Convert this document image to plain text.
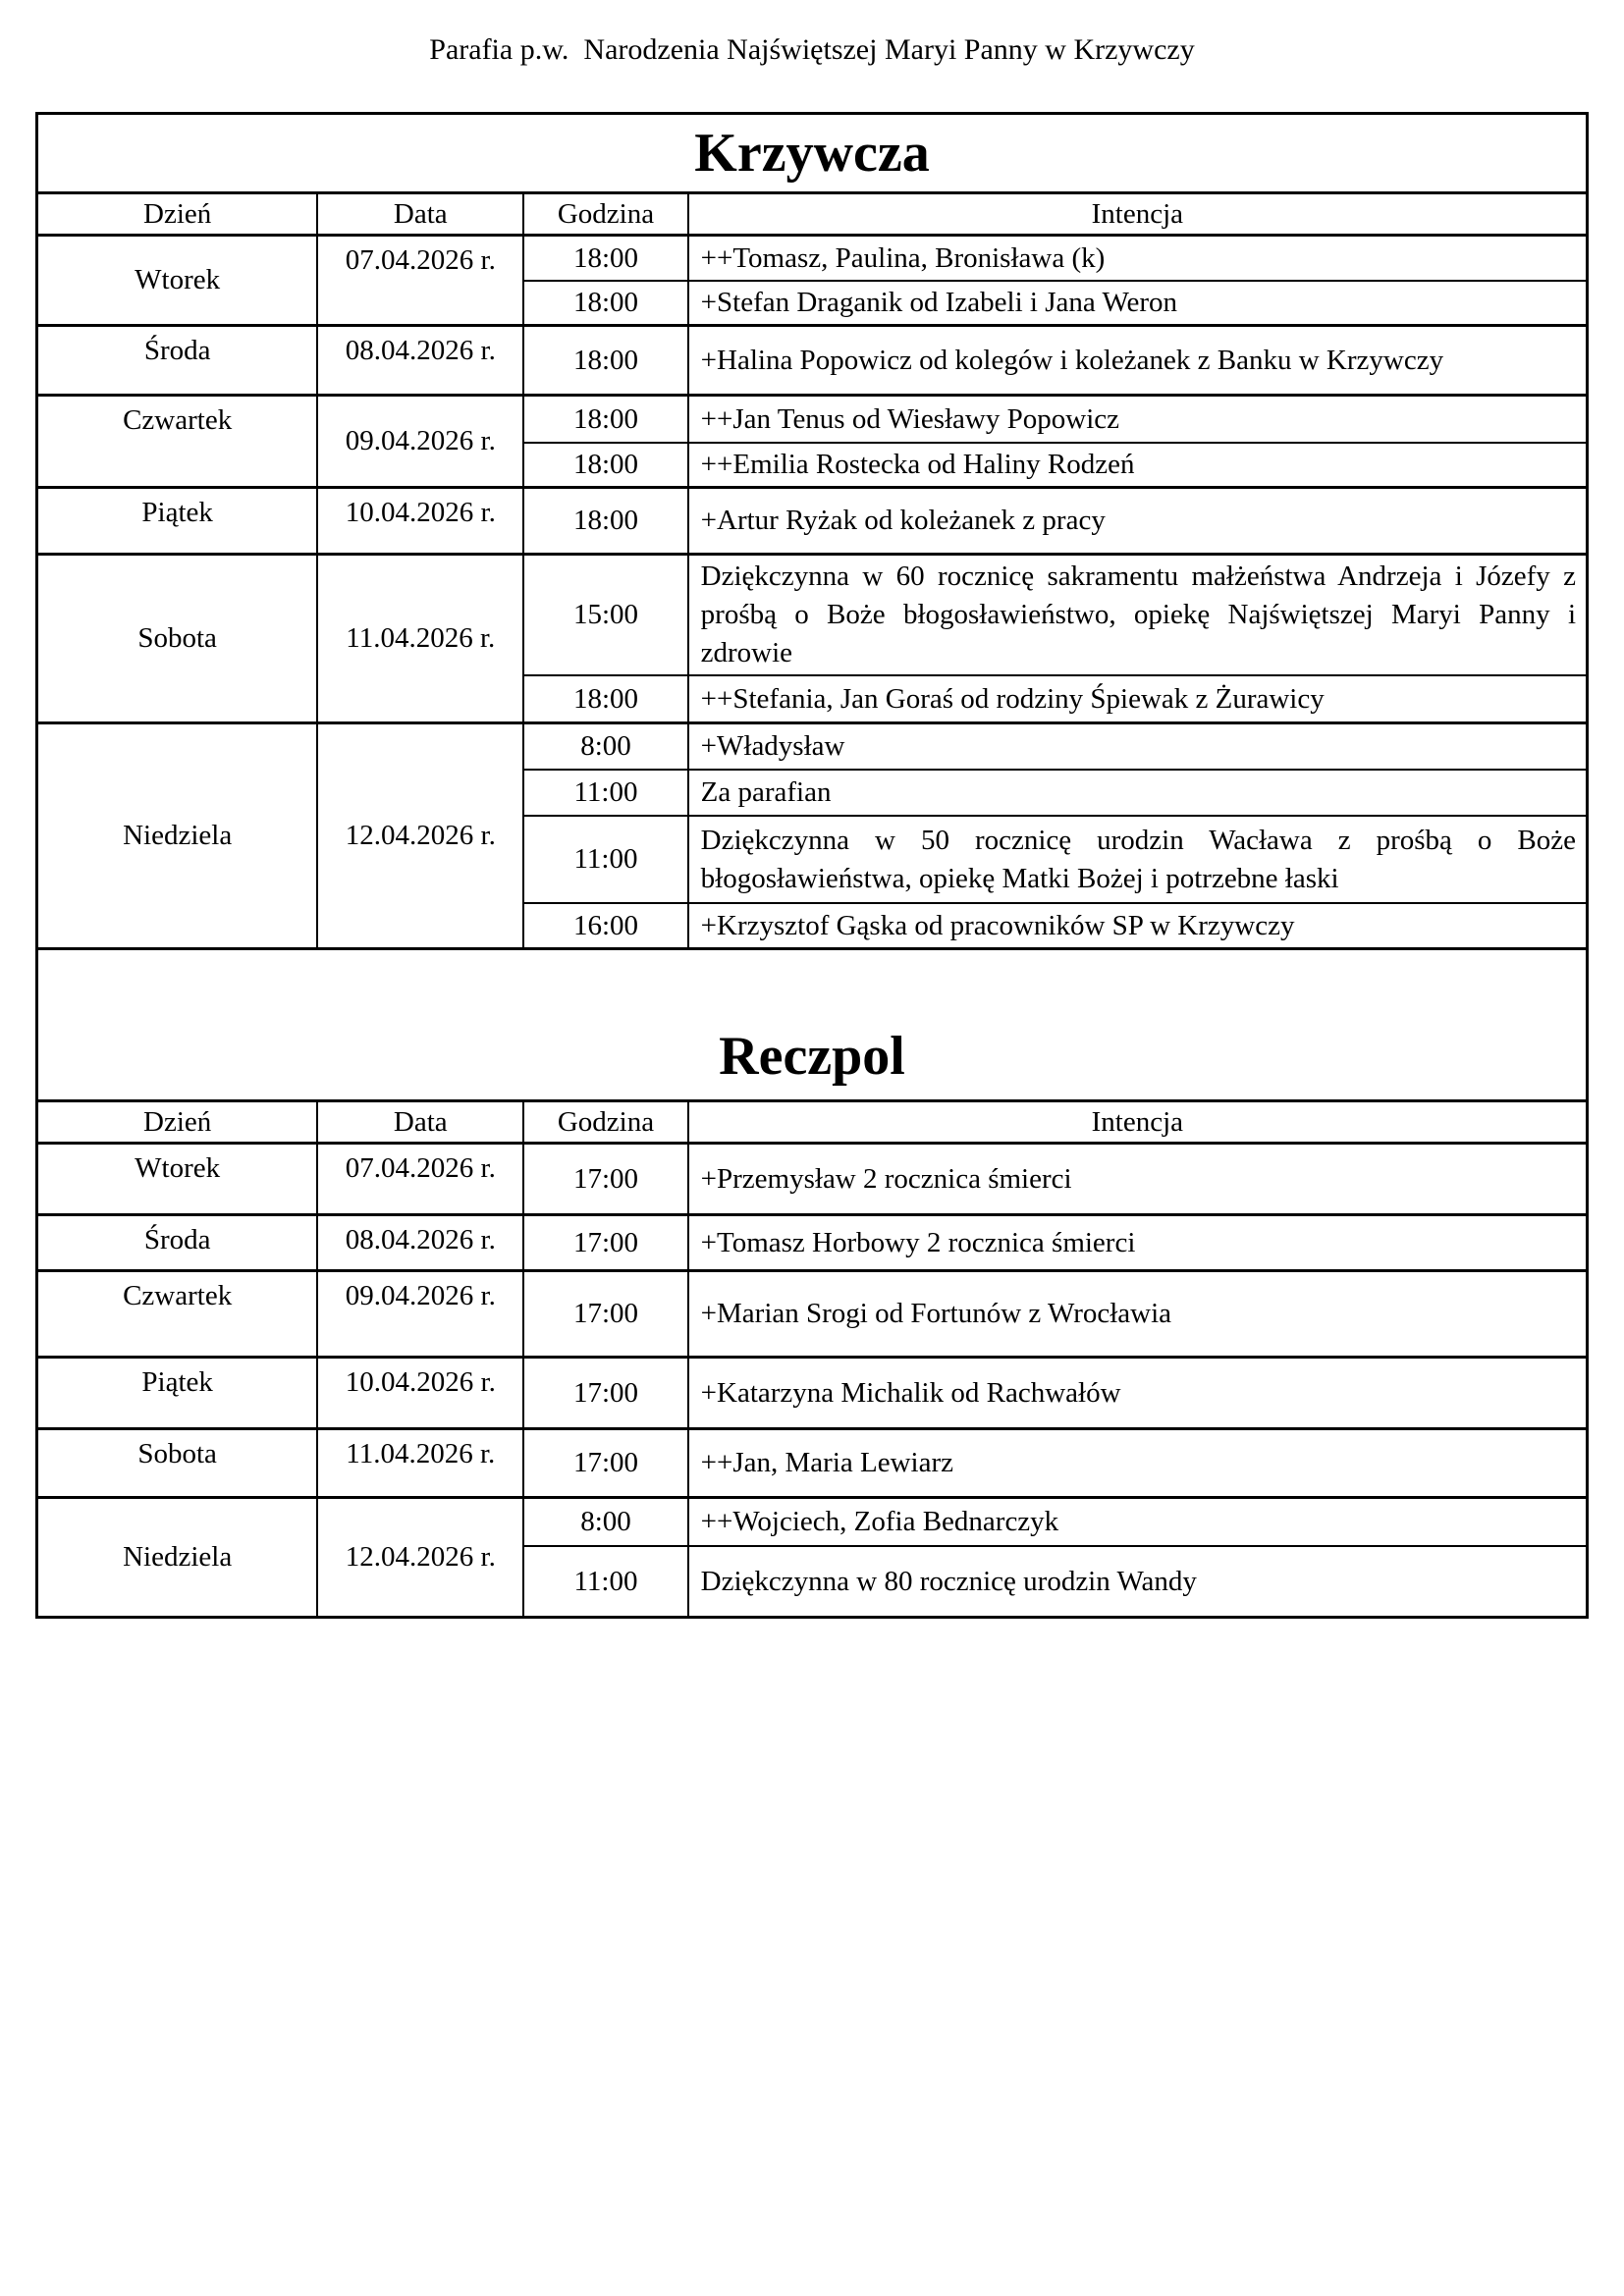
Parafia p.w.  Narodzenia Najświętszej Maryi Panny w Krzywczy
Krzywcza			
Dzień	Data	Godzina	Intencja
Wtorek	07.04.2026 r.	18:00	++Tomasz, Paulina, Bronisława (k)
		18:00	+Stefan Draganik od Izabeli i Jana Weron
Środa	08.04.2026 r.	18:00	+Halina Popowicz od kolegów i koleżanek z Banku w Krzywczy
Czwartek	09.04.2026 r.	18:00	++Jan Tenus od Wiesławy Popowicz
		18:00	++Emilia Rostecka od Haliny Rodzeń
Piątek	10.04.2026 r.	18:00	+Artur Ryżak od koleżanek z pracy
Sobota	11.04.2026 r.	15:00	Dziękczynna w 60 rocznicę sakramentu małżeństwa Andrzeja i Józefy z prośbą o Boże błogosławieństwo, opiekę Najświętszej Maryi Panny i zdrowie
		18:00	++Stefania, Jan Goraś od rodziny Śpiewak z Żurawicy
Niedziela	12.04.2026 r.	8:00	+Władysław
		11:00	Za parafian
		11:00	Dziękczynna w 50 rocznicę urodzin Wacława z prośbą o Boże błogosławieństwa, opiekę Matki Bożej i potrzebne łaski
		16:00	+Krzysztof Gąska od pracowników SP w Krzywczy
Reczpol			
Dzień	Data	Godzina	Intencja
Wtorek	07.04.2026 r.	17:00	+Przemysław 2 rocznica śmierci
Środa	08.04.2026 r.	17:00	+Tomasz Horbowy 2 rocznica śmierci
Czwartek	09.04.2026 r.	17:00	+Marian Srogi od Fortunów z Wrocławia
Piątek	10.04.2026 r.	17:00	+Katarzyna Michalik od Rachwałów
Sobota	11.04.2026 r.	17:00	++Jan, Maria Lewiarz
Niedziela	12.04.2026 r.	8:00	++Wojciech, Zofia Bednarczyk
		11:00	Dziękczynna w 80 rocznicę urodzin Wandy
